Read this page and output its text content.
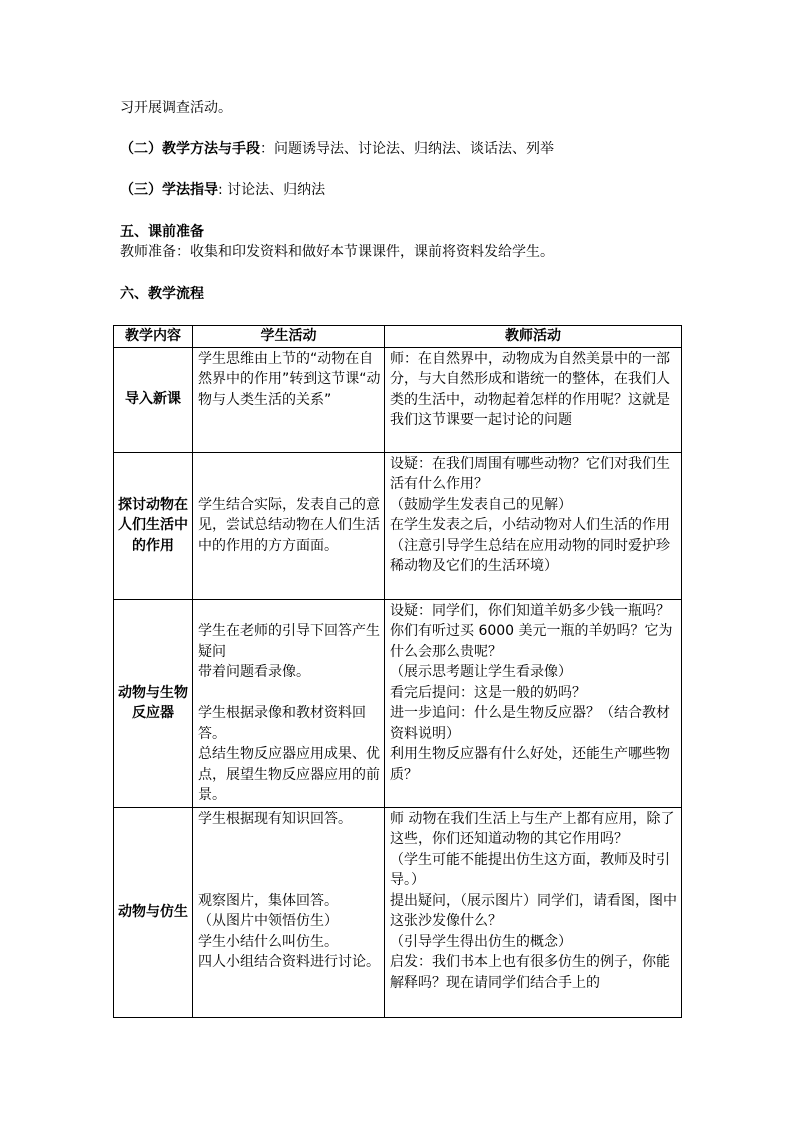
习开展调查活动。
（二）教学方法与手段：问题诱导法、讨论法、归纳法、谈话法、列举
（三）学法指导: 讨论法、归纳法
五、课前准备
教师准备：收集和印发资料和做好本节课课件，课前将资料发给学生。
六、教学流程
教学内容	学生活动	教师活动
导入新课	学生思维由上节的“动物在自然界中的作用”转到这节课“动物与人类生活的关系”	师：在自然界中，动物成为自然美景中的一部分，与大自然形成和谐统一的整体，在我们人类的生活中，动物起着怎样的作用呢？这就是我们这节课要一起讨论的问题

探讨动物在人们生活中的作用	学生结合实际，发表自己的意见，尝试总结动物在人们生活中的作用的方方面面。	设疑：在我们周围有哪些动物？它们对我们生活有什么作用？
（鼓励学生发表自己的见解）
在学生发表之后，小结动物对人们生活的作用
（注意引导学生总结在应用动物的同时爱护珍稀动物及它们的生活环境）

动物与生物反应器	学生在老师的引导下回答产生疑问
带着问题看录像。
学生根据录像和教材资料回答。
总结生物反应器应用成果、优点，展望生物反应器应用的前景。	设疑：同学们，你们知道羊奶多少钱一瓶吗？你们有听过买 6000 美元一瓶的羊奶吗？它为什么会那么贵呢？
（展示思考题让学生看录像）
看完后提问：这是一般的奶吗？
进一步追问：什么是生物反应器？（结合教材资料说明）
利用生物反应器有什么好处，还能生产哪些物质？

动物与仿生	学生根据现有知识回答。
观察图片，集体回答。
（从图片中领悟仿生）
学生小结什么叫仿生。
四人小组结合资料进行讨论。	师 动物在我们生活上与生产上都有应用，除了这些，你们还知道动物的其它作用吗？
（学生可能不能提出仿生这方面，教师及时引导。）
提出疑问，（展示图片）同学们，请看图，图中这张沙发像什么？
（引导学生得出仿生的概念）
启发：我们书本上也有很多仿生的例子，你能解释吗？现在请同学们结合手上的
